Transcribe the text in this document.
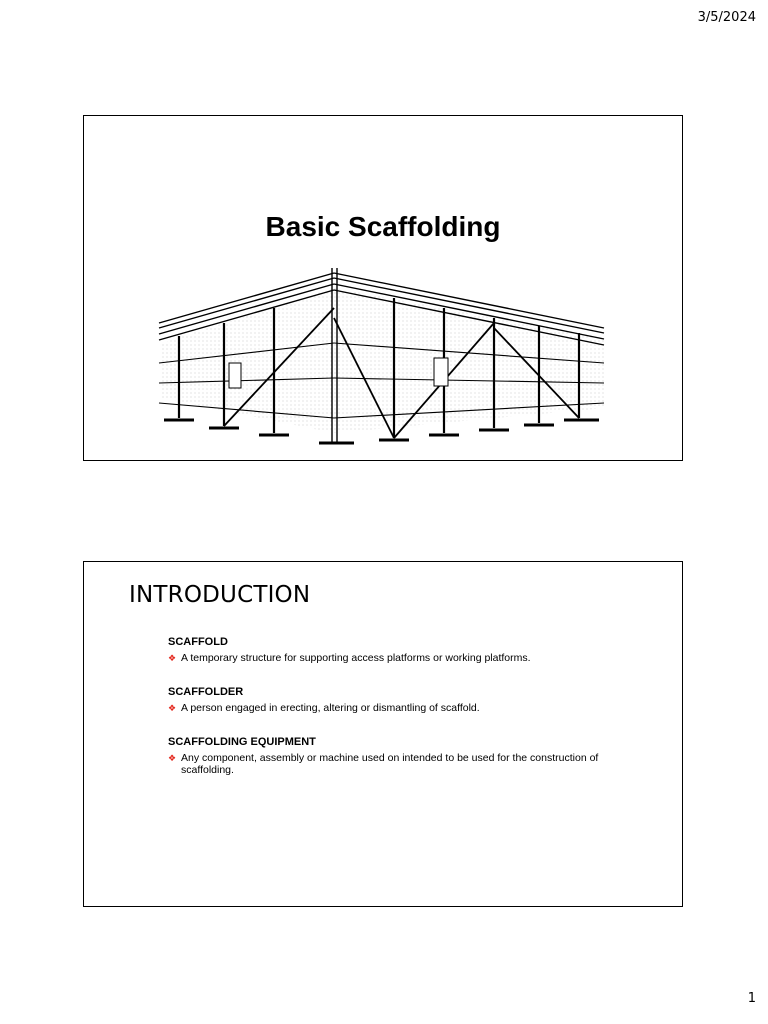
3/5/2024
Basic Scaffolding
INTRODUCTION
SCAFFOLD
❖ A temporary structure for supporting access platforms or working platforms.
SCAFFOLDER
❖ A person engaged in erecting, altering or dismantling of scaffold.
SCAFFOLDING EQUIPMENT
❖ Any component, assembly or machine used on intended to be used for the construction of scaffolding.
1
